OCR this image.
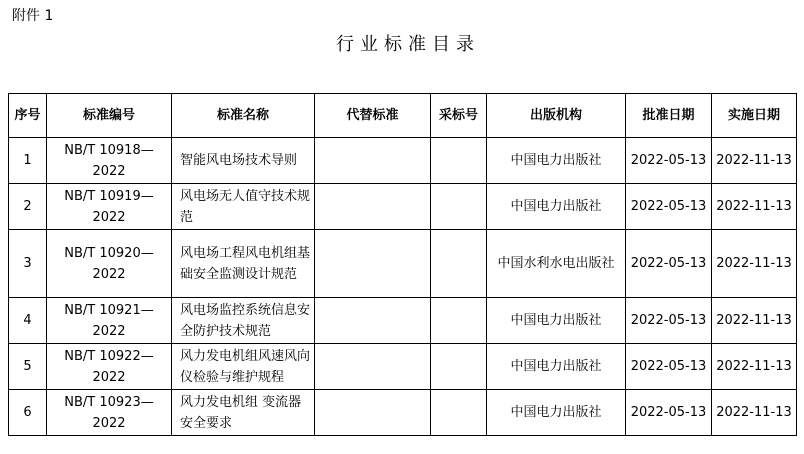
附件 1
行业标准目录
序号	标准编号	标准名称	代替标准	采标号	出版机构	批准日期	实施日期
1	NB/T 10918—2022	智能风电场技术导则			中国电力出版社	2022-05-13	2022-11-13
2	NB/T 10919—2022	风电场无人值守技术规范			中国电力出版社	2022-05-13	2022-11-13
3	NB/T 10920—2022	风电场工程风电机组基础安全监测设计规范			中国水利水电出版社	2022-05-13	2022-11-13
4	NB/T 10921—2022	风电场监控系统信息安全防护技术规范			中国电力出版社	2022-05-13	2022-11-13
5	NB/T 10922—2022	风力发电机组风速风向仪检验与维护规程			中国电力出版社	2022-05-13	2022-11-13
6	NB/T 10923—2022	风力发电机组 变流器安全要求			中国电力出版社	2022-05-13	2022-11-13
